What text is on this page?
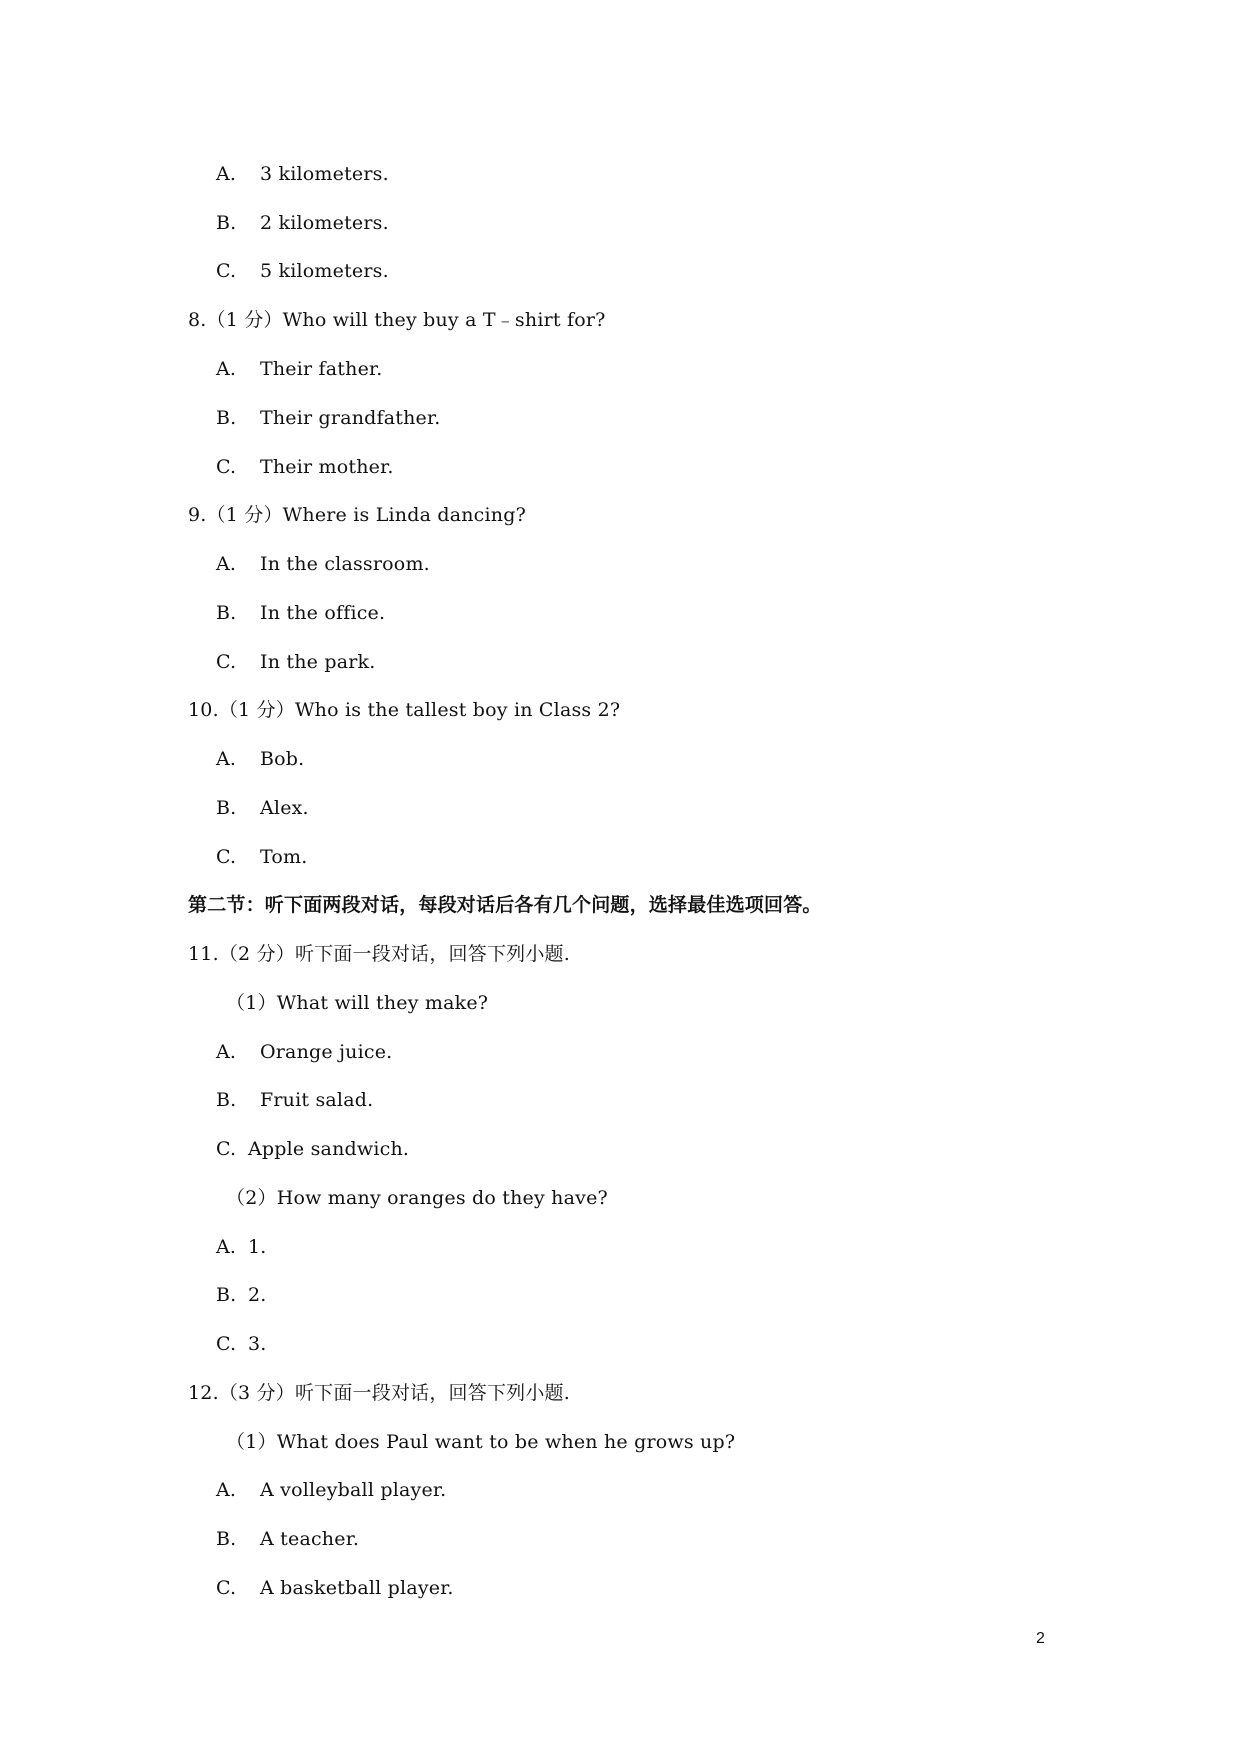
A. 3 kilometers.
B. 2 kilometers.
C. 5 kilometers.
8.（1 分）Who will they buy a T﹣shirt for?
A. Their father.
B. Their grandfather.
C. Their mother.
9.（1 分）Where is Linda dancing?
A. In the classroom.
B. In the office.
C. In the park.
10.（1 分）Who is the tallest boy in Class 2?
A. Bob.
B. Alex.
C. Tom.
第二节：听下面两段对话，每段对话后各有几个问题，选择最佳选项回答。
11.（2 分）听下面一段对话，回答下列小题.
（1）What will they make?
A. Orange juice.
B. Fruit salad.
C. Apple sandwich.
（2）How many oranges do they have?
A. 1.
B. 2.
C. 3.
12.（3 分）听下面一段对话，回答下列小题.
（1）What does Paul want to be when he grows up?
A. A volleyball player.
B. A teacher.
C. A basketball player.
2
